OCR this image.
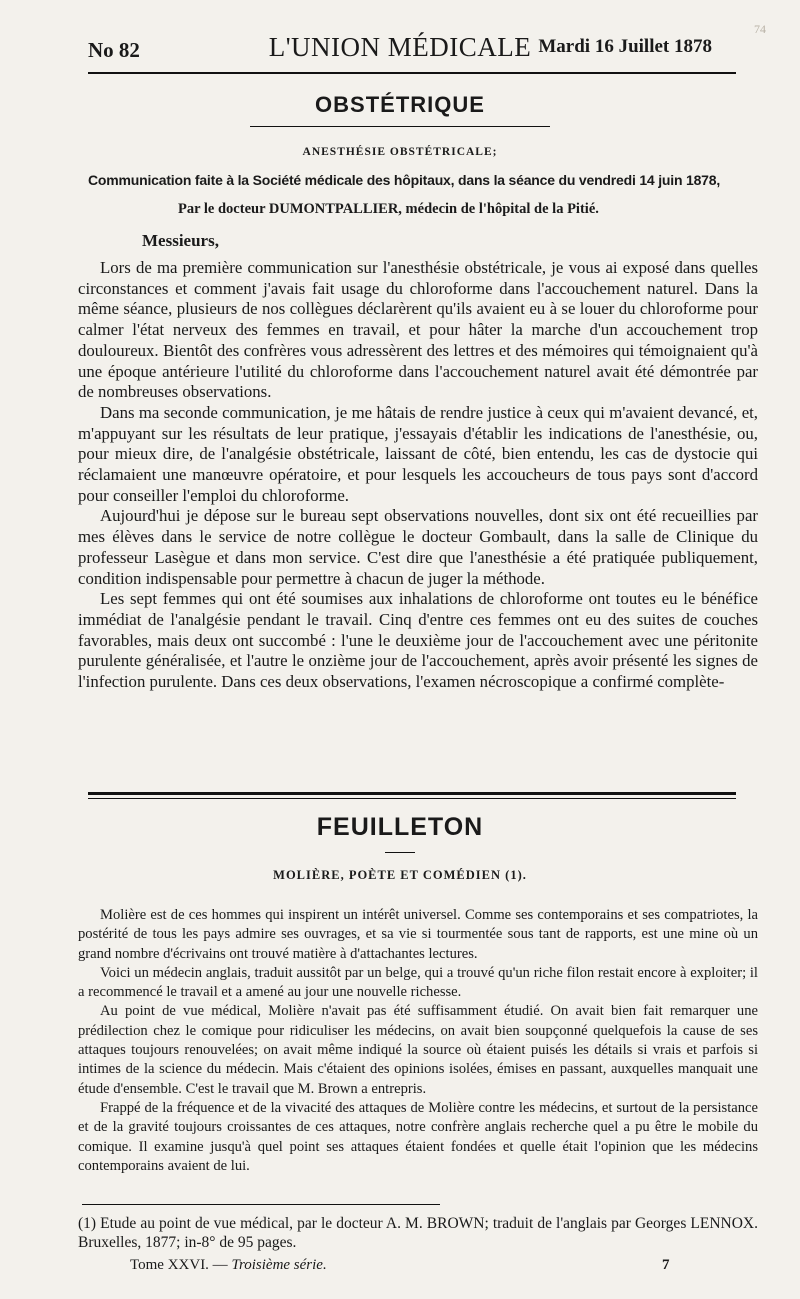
74
No 82	L'UNION MÉDICALE Mardi 16 Juillet 1878
OBSTÉTRIQUE
ANESTHÉSIE OBSTÉTRICALE;
Communication faite à la Société médicale des hôpitaux, dans la séance du vendredi 14 juin 1878,
Par le docteur DUMONTPALLIER, médecin de l'hôpital de la Pitié.
Messieurs,

Lors de ma première communication sur l'anesthésie obstétricale, je vous ai exposé dans quelles circonstances et comment j'avais fait usage du chloroforme dans l'accouchement naturel. Dans la même séance, plusieurs de nos collègues déclarèrent qu'ils avaient eu à se louer du chloroforme pour calmer l'état nerveux des femmes en travail, et pour hâter la marche d'un accouchement trop douloureux. Bientôt des confrères vous adressèrent des lettres et des mémoires qui témoignaient qu'à une époque antérieure l'utilité du chloroforme dans l'accouchement naturel avait été démontrée par de nombreuses observations.

Dans ma seconde communication, je me hâtais de rendre justice à ceux qui m'avaient devancé, et, m'appuyant sur les résultats de leur pratique, j'essayais d'établir les indications de l'anesthésie, ou, pour mieux dire, de l'analgésie obstétricale, laissant de côté, bien entendu, les cas de dystocie qui réclamaient une manœuvre opératoire, et pour lesquels les accoucheurs de tous pays sont d'accord pour conseiller l'emploi du chloroforme.

Aujourd'hui je dépose sur le bureau sept observations nouvelles, dont six ont été recueillies par mes élèves dans le service de notre collègue le docteur Gombault, dans la salle de Clinique du professeur Lasègue et dans mon service. C'est dire que l'anesthésie a été pratiquée publiquement, condition indispensable pour permettre à chacun de juger la méthode.

Les sept femmes qui ont été soumises aux inhalations de chloroforme ont toutes eu le bénéfice immédiat de l'analgésie pendant le travail. Cinq d'entre ces femmes ont eu des suites de couches favorables, mais deux ont succombé : l'une le deuxième jour de l'accouchement avec une péritonite purulente généralisée, et l'autre le onzième jour de l'accouchement, après avoir présenté les signes de l'infection purulente. Dans ces deux observations, l'examen nécroscopique a confirmé complète-

FEUILLETON
MOLIÈRE, POÈTE ET COMÉDIEN (1).

Molière est de ces hommes qui inspirent un intérêt universel. Comme ses contemporains et ses compatriotes, la postérité de tous les pays admire ses ouvrages, et sa vie si tourmentée sous tant de rapports, est une mine où un grand nombre d'écrivains ont trouvé matière à d'attachantes lectures.

Voici un médecin anglais, traduit aussitôt par un belge, qui a trouvé qu'un riche filon restait encore à exploiter; il a recommencé le travail et a amené au jour une nouvelle richesse.

Au point de vue médical, Molière n'avait pas été suffisamment étudié. On avait bien fait remarquer une prédilection chez le comique pour ridiculiser les médecins, on avait bien soupçonné quelquefois la cause de ses attaques toujours renouvelées; on avait même indiqué la source où étaient puisés les détails si vrais et parfois si intimes de la science du médecin. Mais c'étaient des opinions isolées, émises en passant, auxquelles manquait une étude d'ensemble. C'est le travail que M. Brown a entrepris.

Frappé de la fréquence et de la vivacité des attaques de Molière contre les médecins, et surtout de la persistance et de la gravité toujours croissantes de ces attaques, notre confrère anglais recherche quel a pu être le mobile du comique. Il examine jusqu'à quel point ses attaques étaient fondées et quelle était l'opinion que les médecins contemporains avaient de lui.

(1) Etude au point de vue médical, par le docteur A. M. BROWN; traduit de l'anglais par Georges LENNOX. Bruxelles, 1877; in-8° de 95 pages.
Tome XXVI. — Troisième série.	7
